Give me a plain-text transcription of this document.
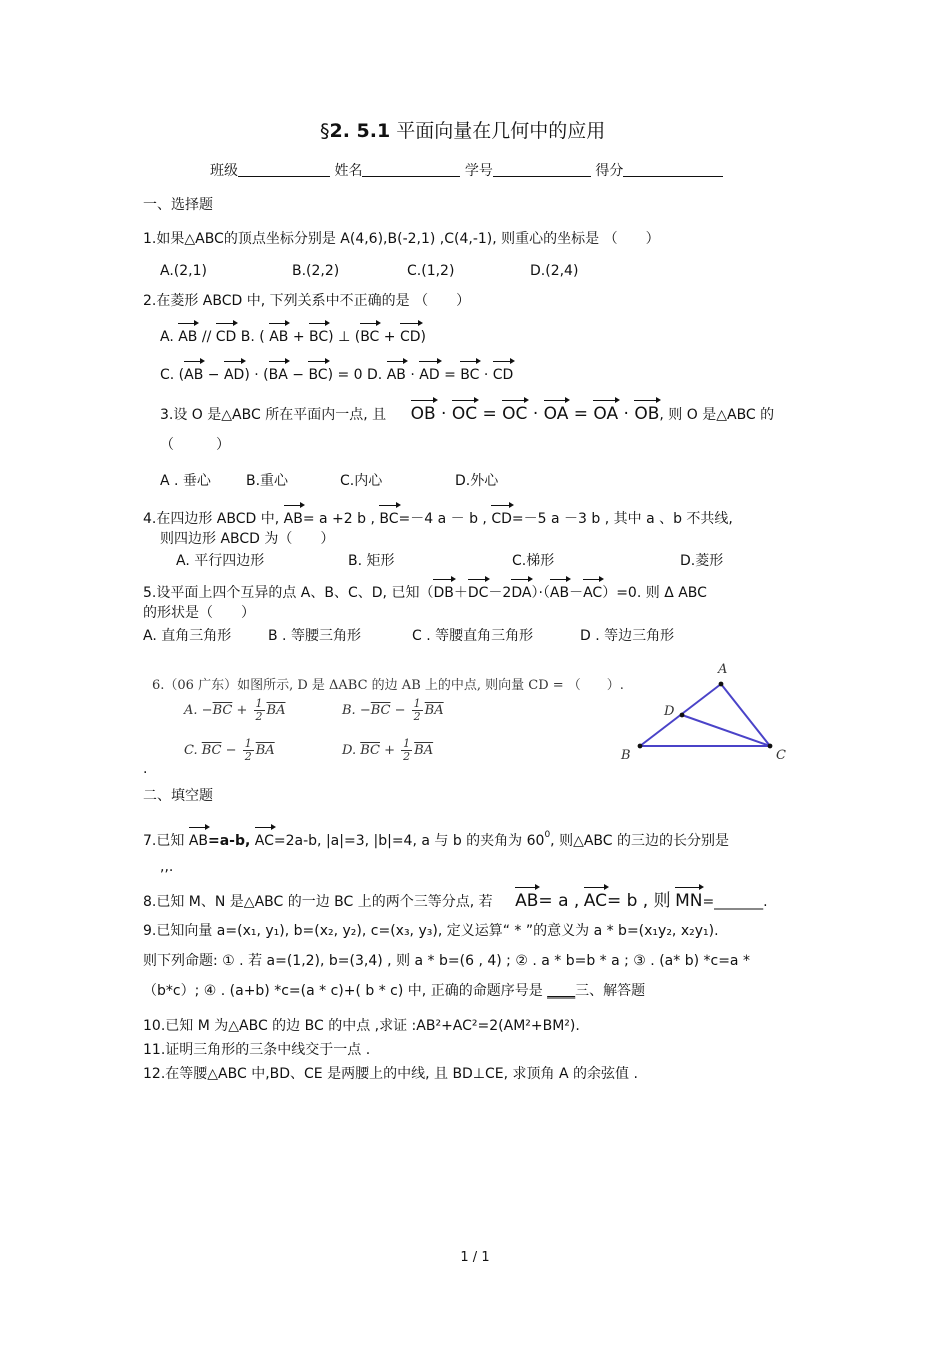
§2. 5.1 平面向量在几何中的应用
班级	姓名	学号	得分
一、选择题
1.如果△ABC的顶点坐标分别是 A(4,6),B(-2,1) ,C(4,-1), 则重心的坐标是 （　　）
A.(2,1)	B.(2,2)	C.(1,2)	D.(2,4)
2.在菱形 ABCD 中, 下列关系中不正确的是 （　　）
A. AB // CD B. ( AB + BC) ⊥ (BC + CD)
C. (AB − AD) · (BA − BC) = 0 D. AB · AD = BC · CD
3.设 O 是△ABC 所在平面内一点, 且 OB · OC = OC · OA = OA · OB, 则 O 是△ABC 的
（　　　）
A . 垂心	B.重心	C.内心	D.外心
4.在四边形 ABCD 中, AB= a +2 b , BC=－4 a － b , CD=－5 a －3 b , 其中 a 、b 不共线,
则四边形 ABCD 为（　　）
A. 平行四边形	B. 矩形	C.梯形	D.菱形
5.设平面上四个互异的点 A、B、C、D, 已知（DB＋DC－2DA）·（AB－AC）=0. 则 Δ ABC
的形状是（　　）
A. 直角三角形	B . 等腰三角形	C . 等腰直角三角形	D . 等边三角形
6.（06 广东）如图所示, D 是 ΔABC 的边 AB 上的中点, 则向量 CD = （　　）.
A. $-\overline{BC} + \frac{1}{2} \overline{BA}$	B. $-\overline{BC} - \frac{1}{2} \overline{BA}$
C. $\overline{BC} - \frac{1}{2} \overline{BA}$	D. $\overline{BC} + \frac{1}{2} \overline{BA}$
A
D
B	C
.
二、填空题
7.已知 AB=a-b, AC=2a-b, |a|=3, |b|=4, a 与 b 的夹角为 $60^0$, 则△ABC 的三边的长分别是
,,.
8.已知 M、N 是△ABC 的一边 BC 上的两个三等分点, 若 AB= a , AC= b , 则 MN=_______.
9.已知向量 a=(x₁, y₁), b=(x₂, y₂), c=(x₃, y₃), 定义运算“ * ”的意义为 a * b=(x₁y₂, x₂y₁).
则下列命题: ① . 若 a=(1,2), b=(3,4) , 则 a * b=(6 , 4) ; ② . a * b=b * a ; ③ . (a* b) *c=a *
（b*c）; ④ . (a+b) *c=(a * c)+( b * c) 中, 正确的命题序号是 ____三、解答题
10.已知 M 为△ABC 的边 BC 的中点 ,求证 :AB²+AC²=2(AM²+BM²).
11.证明三角形的三条中线交于一点 .
12.在等腰△ABC 中,BD、CE 是两腰上的中线, 且 BD⊥CE, 求顶角 A 的余弦值 .
1 / 1
